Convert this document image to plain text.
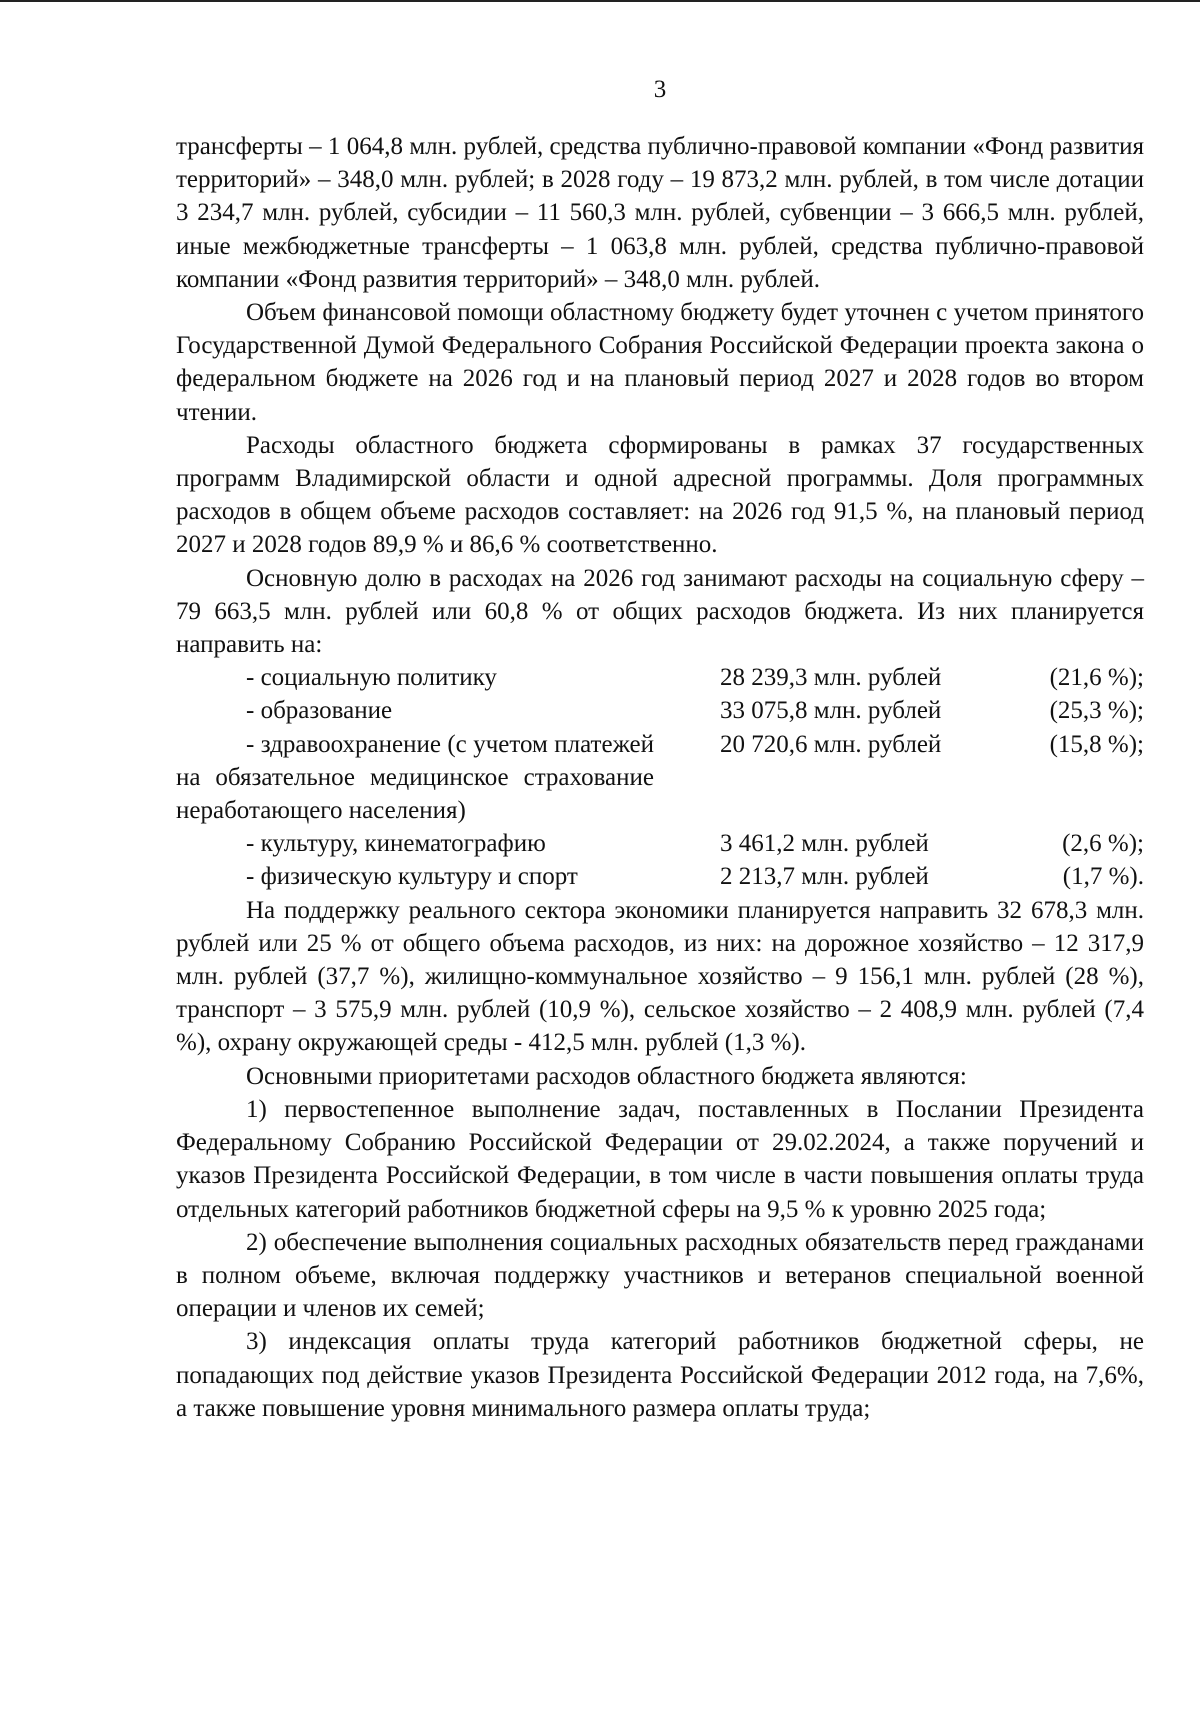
3

трансферты – 1 064,8 млн. рублей, средства публично-правовой компании «Фонд развития территорий» – 348,0 млн. рублей; в 2028 году – 19 873,2 млн. рублей, в том числе дотации 3 234,7 млн. рублей, субсидии – 11 560,3 млн. рублей, субвенции – 3 666,5 млн. рублей, иные межбюджетные трансферты – 1 063,8 млн. рублей, средства публично-правовой компании «Фонд развития территорий» – 348,0 млн. рублей.

Объем финансовой помощи областному бюджету будет уточнен с учетом принятого Государственной Думой Федерального Собрания Российской Федерации проекта закона о федеральном бюджете на 2026 год и на плановый период 2027 и 2028 годов во втором чтении.

Расходы областного бюджета сформированы в рамках 37 государственных программ Владимирской области и одной адресной программы. Доля программных расходов в общем объеме расходов составляет: на 2026 год 91,5 %, на плановый период 2027 и 2028 годов 89,9 % и 86,6 % соответственно.

Основную долю в расходах на 2026 год занимают расходы на социальную сферу – 79 663,5 млн. рублей или 60,8 % от общих расходов бюджета. Из них планируется направить на:

- социальную политику	28 239,3 млн. рублей	(21,6 %);
- образование	33 075,8 млн. рублей	(25,3 %);
- здравоохранение (с учетом платежей на обязательное медицинское страхование неработающего населения)
20 720,6 млн. рублей	(15,8 %);
- культуру, кинематографию	3 461,2 млн. рублей	(2,6 %);
- физическую культуру и спорт	2 213,7 млн. рублей	(1,7 %).

На поддержку реального сектора экономики планируется направить 32 678,3 млн. рублей или 25 % от общего объема расходов, из них: на дорожное хозяйство – 12 317,9 млн. рублей (37,7 %), жилищно-коммунальное хозяйство – 9 156,1 млн. рублей (28 %), транспорт – 3 575,9 млн. рублей (10,9 %), сельское хозяйство – 2 408,9 млн. рублей (7,4 %), охрану окружающей среды - 412,5 млн. рублей (1,3 %).

Основными приоритетами расходов областного бюджета являются:

1) первостепенное выполнение задач, поставленных в Послании Президента Федеральному Собранию Российской Федерации от 29.02.2024, а также поручений и указов Президента Российской Федерации, в том числе в части повышения оплаты труда отдельных категорий работников бюджетной сферы на 9,5 % к уровню 2025 года;

2) обеспечение выполнения социальных расходных обязательств перед гражданами в полном объеме, включая поддержку участников и ветеранов специальной военной операции и членов их семей;

3) индексация оплаты труда категорий работников бюджетной сферы, не попадающих под действие указов Президента Российской Федерации 2012 года, на 7,6%, а также повышение уровня минимального размера оплаты труда;
